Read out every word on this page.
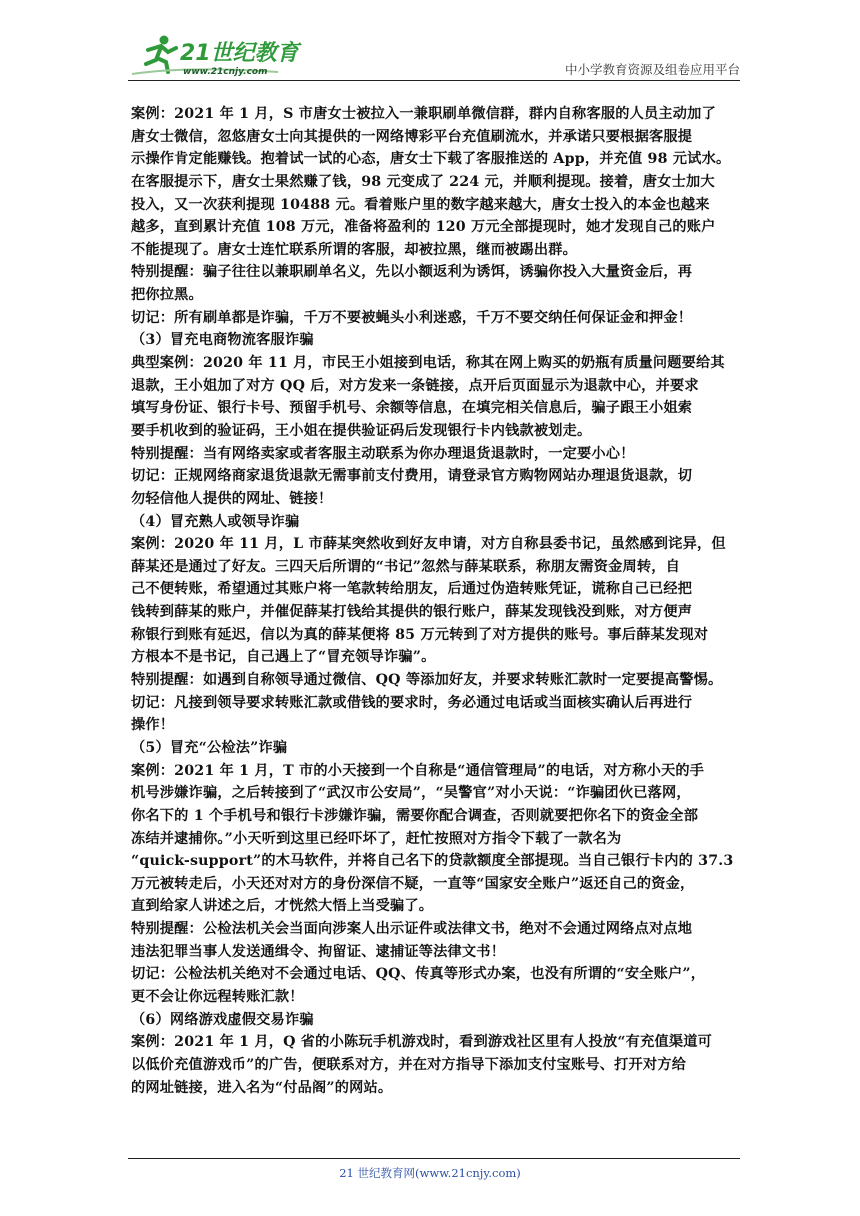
21世纪教育
www.21cnjy.com	中小学教育资源及组卷应用平台
案例：2021 年 1 月，S 市唐女士被拉入一兼职刷单微信群，群内自称客服的人员主动加了
唐女士微信，忽悠唐女士向其提供的一网络博彩平台充值刷流水，并承诺只要根据客服提
示操作肯定能赚钱。抱着试一试的心态，唐女士下载了客服推送的 App，并充值 98 元试水。
在客服提示下，唐女士果然赚了钱，98 元变成了 224 元，并顺利提现。接着，唐女士加大
投入，又一次获利提现 10488 元。看着账户里的数字越来越大，唐女士投入的本金也越来
越多，直到累计充值 108 万元，准备将盈利的 120 万元全部提现时，她才发现自己的账户
不能提现了。唐女士连忙联系所谓的客服，却被拉黑，继而被踢出群。
特别提醒：骗子往往以兼职刷单名义，先以小额返利为诱饵，诱骗你投入大量资金后，再
把你拉黑。
切记：所有刷单都是诈骗，千万不要被蝇头小利迷惑，千万不要交纳任何保证金和押金！
（3）冒充电商物流客服诈骗
典型案例：2020 年 11 月，市民王小姐接到电话，称其在网上购买的奶瓶有质量问题要给其
退款，王小姐加了对方 QQ 后，对方发来一条链接，点开后页面显示为退款中心，并要求
填写身份证、银行卡号、预留手机号、余额等信息，在填完相关信息后，骗子跟王小姐索
要手机收到的验证码，王小姐在提供验证码后发现银行卡内钱款被划走。
特别提醒：当有网络卖家或者客服主动联系为你办理退货退款时，一定要小心！
切记：正规网络商家退货退款无需事前支付费用，请登录官方购物网站办理退货退款，切
勿轻信他人提供的网址、链接！
（4）冒充熟人或领导诈骗
案例：2020 年 11 月，L 市薛某突然收到好友申请，对方自称县委书记，虽然感到诧异，但
薛某还是通过了好友。三四天后所谓的“书记”忽然与薛某联系，称朋友需资金周转，自
己不便转账，希望通过其账户将一笔款转给朋友，后通过伪造转账凭证，谎称自己已经把
钱转到薛某的账户，并催促薛某打钱给其提供的银行账户，薛某发现钱没到账，对方便声
称银行到账有延迟，信以为真的薛某便将 85 万元转到了对方提供的账号。事后薛某发现对
方根本不是书记，自己遇上了“冒充领导诈骗”。
特别提醒：如遇到自称领导通过微信、QQ 等添加好友，并要求转账汇款时一定要提高警惕。
切记：凡接到领导要求转账汇款或借钱的要求时，务必通过电话或当面核实确认后再进行
操作！
（5）冒充“公检法”诈骗
案例：2021 年 1 月，T 市的小天接到一个自称是“通信管理局”的电话，对方称小天的手
机号涉嫌诈骗，之后转接到了“武汉市公安局”，“吴警官”对小天说：“诈骗团伙已落网，
你名下的 1 个手机号和银行卡涉嫌诈骗，需要你配合调查，否则就要把你名下的资金全部
冻结并逮捕你。”小天听到这里已经吓坏了，赶忙按照对方指令下载了一款名为
“quick-support”的木马软件，并将自己名下的贷款额度全部提现。当自己银行卡内的 37.3
万元被转走后，小天还对对方的身份深信不疑，一直等“国家安全账户”返还自己的资金，
直到给家人讲述之后，才恍然大悟上当受骗了。
特别提醒：公检法机关会当面向涉案人出示证件或法律文书，绝对不会通过网络点对点地
违法犯罪当事人发送通缉令、拘留证、逮捕证等法律文书！
切记：公检法机关绝对不会通过电话、QQ、传真等形式办案，也没有所谓的“安全账户”，
更不会让你远程转账汇款！
（6）网络游戏虚假交易诈骗
案例：2021 年 1 月，Q 省的小陈玩手机游戏时，看到游戏社区里有人投放“有充值渠道可
以低价充值游戏币”的广告，便联系对方，并在对方指导下添加支付宝账号、打开对方给
的网址链接，进入名为“付品阁”的网站。
21 世纪教育网(www.21cnjy.com)
